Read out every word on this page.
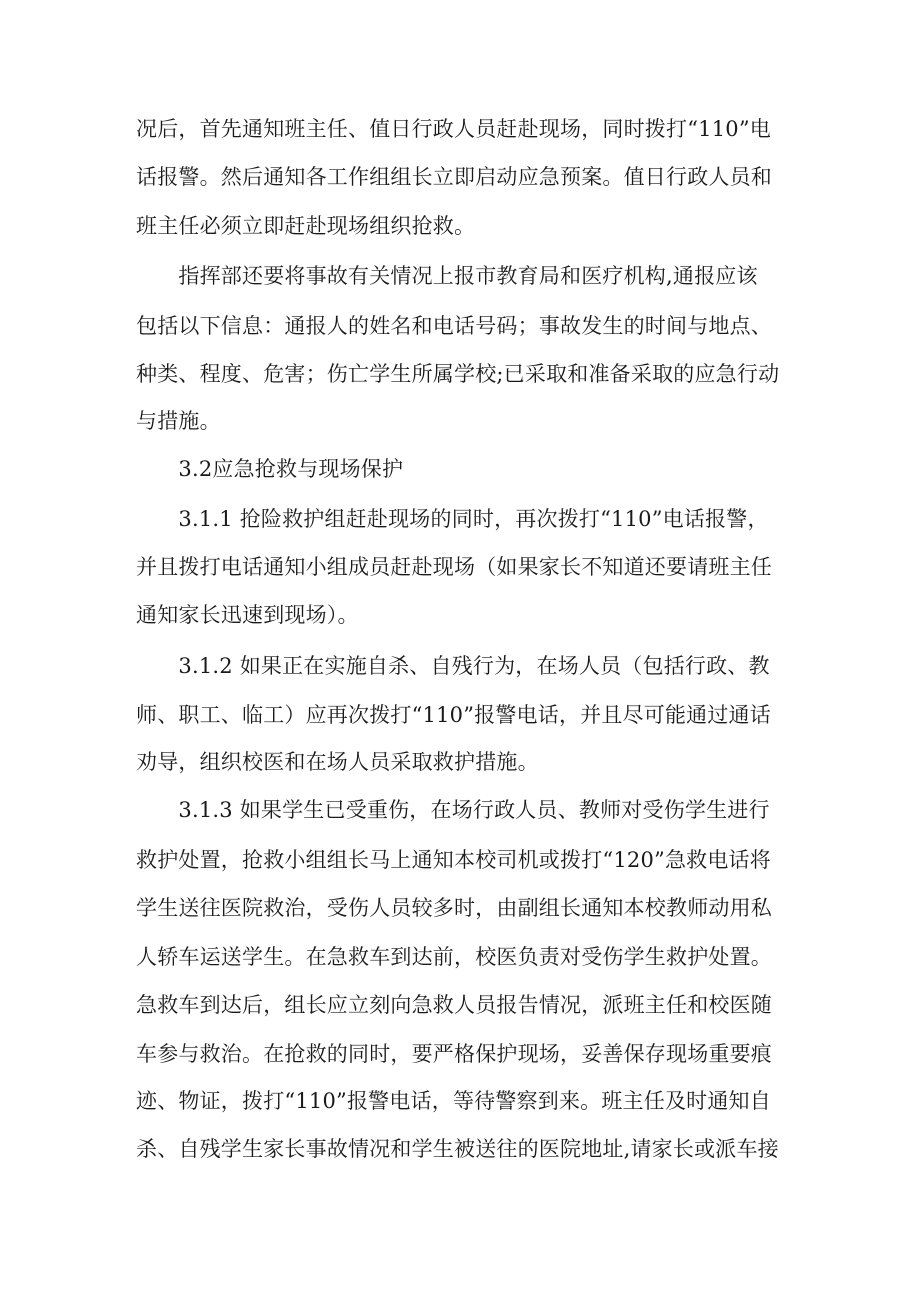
况后，首先通知班主任、值日行政人员赶赴现场，同时拨打“110”电
话报警。然后通知各工作组组长立即启动应急预案。值日行政人员和
班主任必须立即赶赴现场组织抢救。
　　指挥部还要将事故有关情况上报市教育局和医疗机构,通报应该
包括以下信息：通报人的姓名和电话号码；事故发生的时间与地点、
种类、程度、危害；伤亡学生所属学校;已采取和准备采取的应急行动
与措施。
　　3.2应急抢救与现场保护
　　3.1.1 抢险救护组赶赴现场的同时，再次拨打“110”电话报警，
并且拨打电话通知小组成员赶赴现场（如果家长不知道还要请班主任
通知家长迅速到现场）。
　　3.1.2 如果正在实施自杀、自残行为，在场人员（包括行政、教
师、职工、临工）应再次拨打“110”报警电话，并且尽可能通过通话
劝导，组织校医和在场人员采取救护措施。
　　3.1.3 如果学生已受重伤，在场行政人员、教师对受伤学生进行
救护处置，抢救小组组长马上通知本校司机或拨打“120”急救电话将
学生送往医院救治，受伤人员较多时，由副组长通知本校教师动用私
人轿车运送学生。在急救车到达前，校医负责对受伤学生救护处置。
急救车到达后，组长应立刻向急救人员报告情况，派班主任和校医随
车参与救治。在抢救的同时，要严格保护现场，妥善保存现场重要痕
迹、物证，拨打“110”报警电话，等待警察到来。班主任及时通知自
杀、自残学生家长事故情况和学生被送往的医院地址,请家长或派车接
